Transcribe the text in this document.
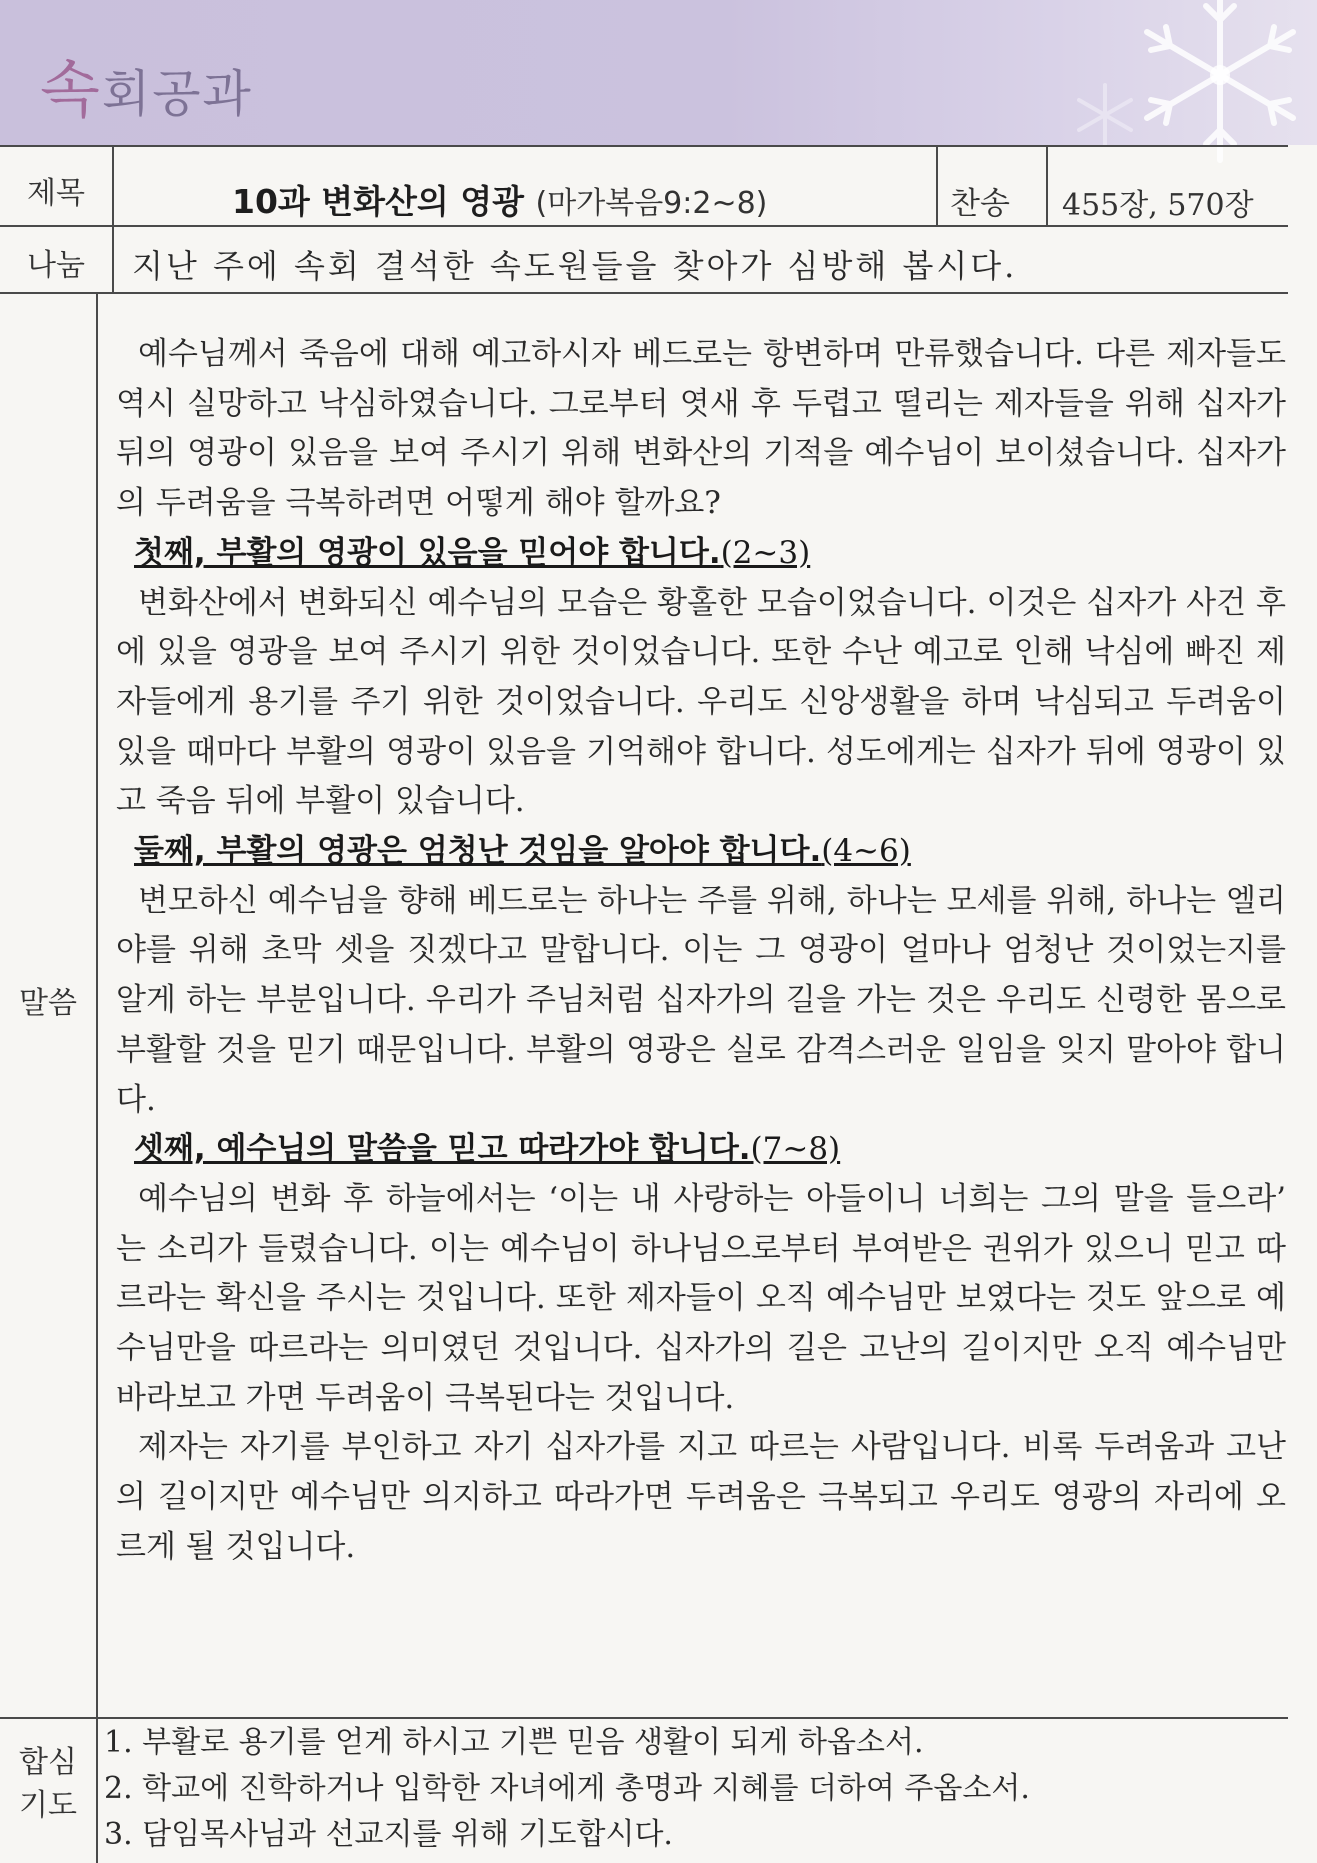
속회공과
제목
나눔
말씀
합심
기도
10과 변화산의 영광 (마가복음9:2~8)	찬송 455장, 570장
지난 주에 속회 결석한 속도원들을 찾아가 심방해 봅시다.

예수님께서 죽음에 대해 예고하시자 베드로는 항변하며 만류했습니다. 다른 제자들도 역시 실망하고 낙심하였습니다. 그로부터 엿새 후 두렵고 떨리는 제자들을 위해 십자가 뒤의 영광이 있음을 보여 주시기 위해 변화산의 기적을 예수님이 보이셨습니다. 십자가의 두려움을 극복하려면 어떻게 해야 할까요?

첫째, 부활의 영광이 있음을 믿어야 합니다.(2~3)

변화산에서 변화되신 예수님의 모습은 황홀한 모습이었습니다. 이것은 십자가 사건 후에 있을 영광을 보여 주시기 위한 것이었습니다. 또한 수난 예고로 인해 낙심에 빠진 제자들에게 용기를 주기 위한 것이었습니다. 우리도 신앙생활을 하며 낙심되고 두려움이 있을 때마다 부활의 영광이 있음을 기억해야 합니다. 성도에게는 십자가 뒤에 영광이 있고 죽음 뒤에 부활이 있습니다.

둘째, 부활의 영광은 엄청난 것임을 알아야 합니다.(4~6)

변모하신 예수님을 향해 베드로는 하나는 주를 위해, 하나는 모세를 위해, 하나는 엘리야를 위해 초막 셋을 짓겠다고 말합니다. 이는 그 영광이 얼마나 엄청난 것이었는지를 알게 하는 부분입니다. 우리가 주님처럼 십자가의 길을 가는 것은 우리도 신령한 몸으로 부활할 것을 믿기 때문입니다. 부활의 영광은 실로 감격스러운 일임을 잊지 말아야 합니다.

셋째, 예수님의 말씀을 믿고 따라가야 합니다.(7~8)

예수님의 변화 후 하늘에서는 ‘이는 내 사랑하는 아들이니 너희는 그의 말을 들으라’ 는 소리가 들렸습니다. 이는 예수님이 하나님으로부터 부여받은 권위가 있으니 믿고 따르라는 확신을 주시는 것입니다. 또한 제자들이 오직 예수님만 보였다는 것도 앞으로 예수님만을 따르라는 의미였던 것입니다. 십자가의 길은 고난의 길이지만 오직 예수님만 바라보고 가면 두려움이 극복된다는 것입니다.

제자는 자기를 부인하고 자기 십자가를 지고 따르는 사람입니다. 비록 두려움과 고난의 길이지만 예수님만 의지하고 따라가면 두려움은 극복되고 우리도 영광의 자리에 오르게 될 것입니다.

1. 부활로 용기를 얻게 하시고 기쁜 믿음 생활이 되게 하옵소서.
2. 학교에 진학하거나 입학한 자녀에게 총명과 지혜를 더하여 주옵소서.
3. 담임목사님과 선교지를 위해 기도합시다.
